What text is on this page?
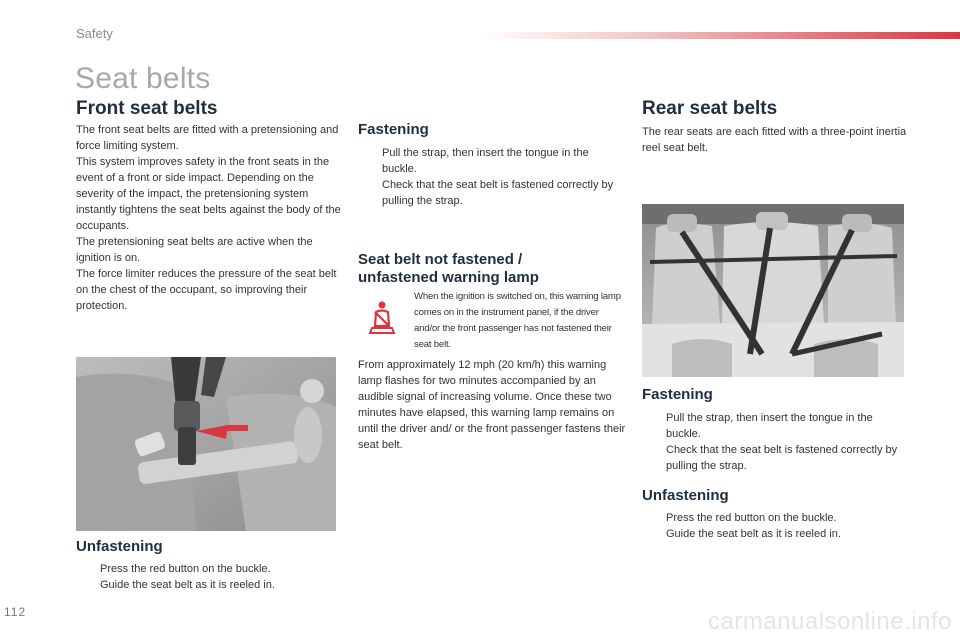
Safety
Seat belts
Front seat belts

The front seat belts are fitted with a pretensioning and force limiting system.

This system improves safety in the front seats in the event of a front or side impact. Depending on the severity of the impact, the pretensioning system instantly tightens the seat belts against the body of the occupants.

The pretensioning seat belts are active when the ignition is on.

The force limiter reduces the pressure of the seat belt on the chest of the occupant, so improving their protection.

Unfastening
Press the red button on the buckle.
Guide the seat belt as it is reeled in.
Fastening
Pull the strap, then insert the tongue in the buckle.
Check that the seat belt is fastened correctly by pulling the strap.
Seat belt not fastened / unfastened warning lamp
When the ignition is switched on, this warning lamp comes on in the instrument panel, if the driver and/or the front passenger has not fastened their seat belt.
From approximately 12 mph (20 km/h) this warning lamp flashes for two minutes accompanied by an audible signal of increasing volume. Once these two minutes have elapsed, this warning lamp remains on until the driver and/ or the front passenger fastens their seat belt.
Rear seat belts
The rear seats are each fitted with a three-point inertia reel seat belt.
Fastening
Pull the strap, then insert the tongue in the buckle.
Check that the seat belt is fastened correctly by pulling the strap.
Unfastening
Press the red button on the buckle.
Guide the seat belt as it is reeled in.
112	carmanualsonline.info
